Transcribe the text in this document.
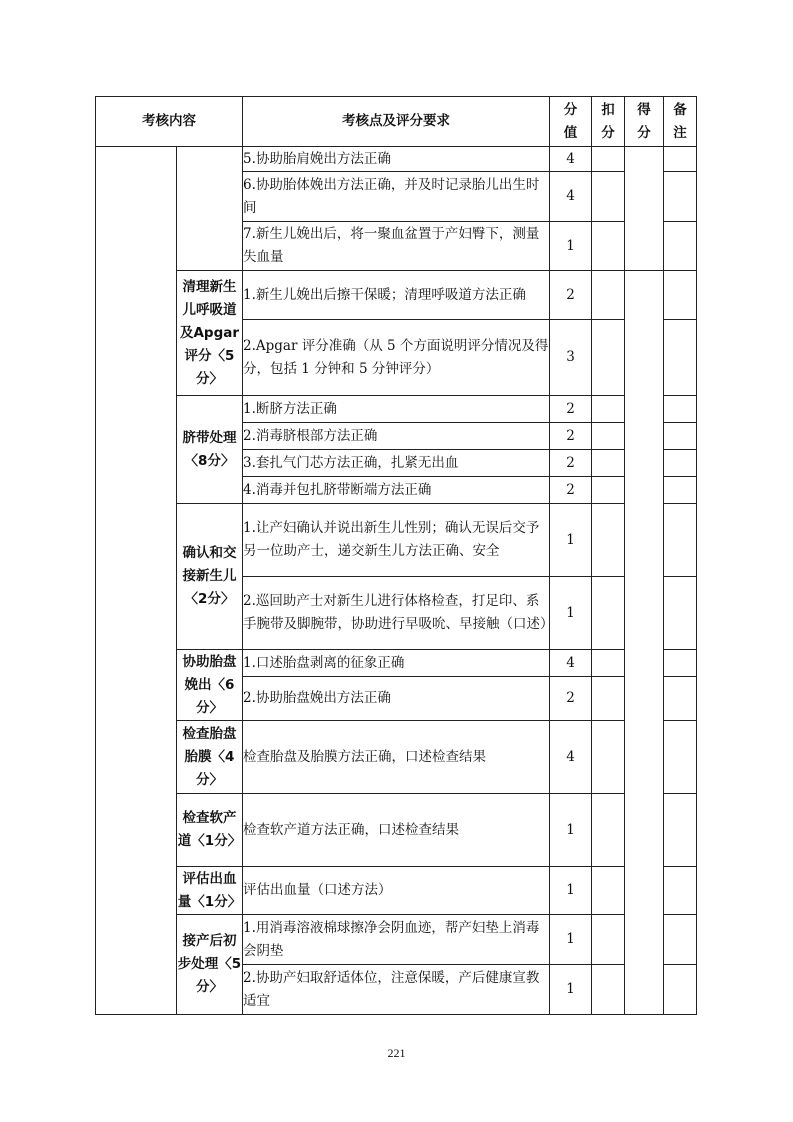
考核内容		考核点及评分要求	分值	扣分	得分	备注
		5.协助胎肩娩出方法正确	4			
		6.协助胎体娩出方法正确，并及时记录胎儿出生时间	4			
		7.新生儿娩出后，将一聚血盆置于产妇臀下，测量失血量	1			
	清理新生儿呼吸道及Apgar评分〈5分〉	1.新生儿娩出后擦干保暖；清理呼吸道方法正确	2			
		2.Apgar 评分准确（从 5 个方面说明评分情况及得分，包括 1 分钟和 5 分钟评分）	3			
	脐带处理〈8分〉	1.断脐方法正确	2			
		2.消毒脐根部方法正确	2			
		3.套扎气门芯方法正确，扎紧无出血	2			
		4.消毒并包扎脐带断端方法正确	2			
	确认和交接新生儿〈2分〉	1.让产妇确认并说出新生儿性别；确认无误后交予另一位助产士，递交新生儿方法正确、安全	1			
		2.巡回助产士对新生儿进行体格检查，打足印、系手腕带及脚腕带，协助进行早吸吮、早接触（口述）	1			
	协助胎盘娩出〈6分〉	1.口述胎盘剥离的征象正确	4			
		2.协助胎盘娩出方法正确	2			
	检查胎盘胎膜〈4分〉	检查胎盘及胎膜方法正确，口述检查结果	4			
	检查软产道〈1分〉	检查软产道方法正确，口述检查结果	1			
	评估出血量〈1分〉	评估出血量（口述方法）	1			
	接产后初步处理〈5分〉	1.用消毒溶液棉球擦净会阴血迹，帮产妇垫上消毒会阴垫	1			
		2.协助产妇取舒适体位，注意保暖，产后健康宣教适宜	1			
221
